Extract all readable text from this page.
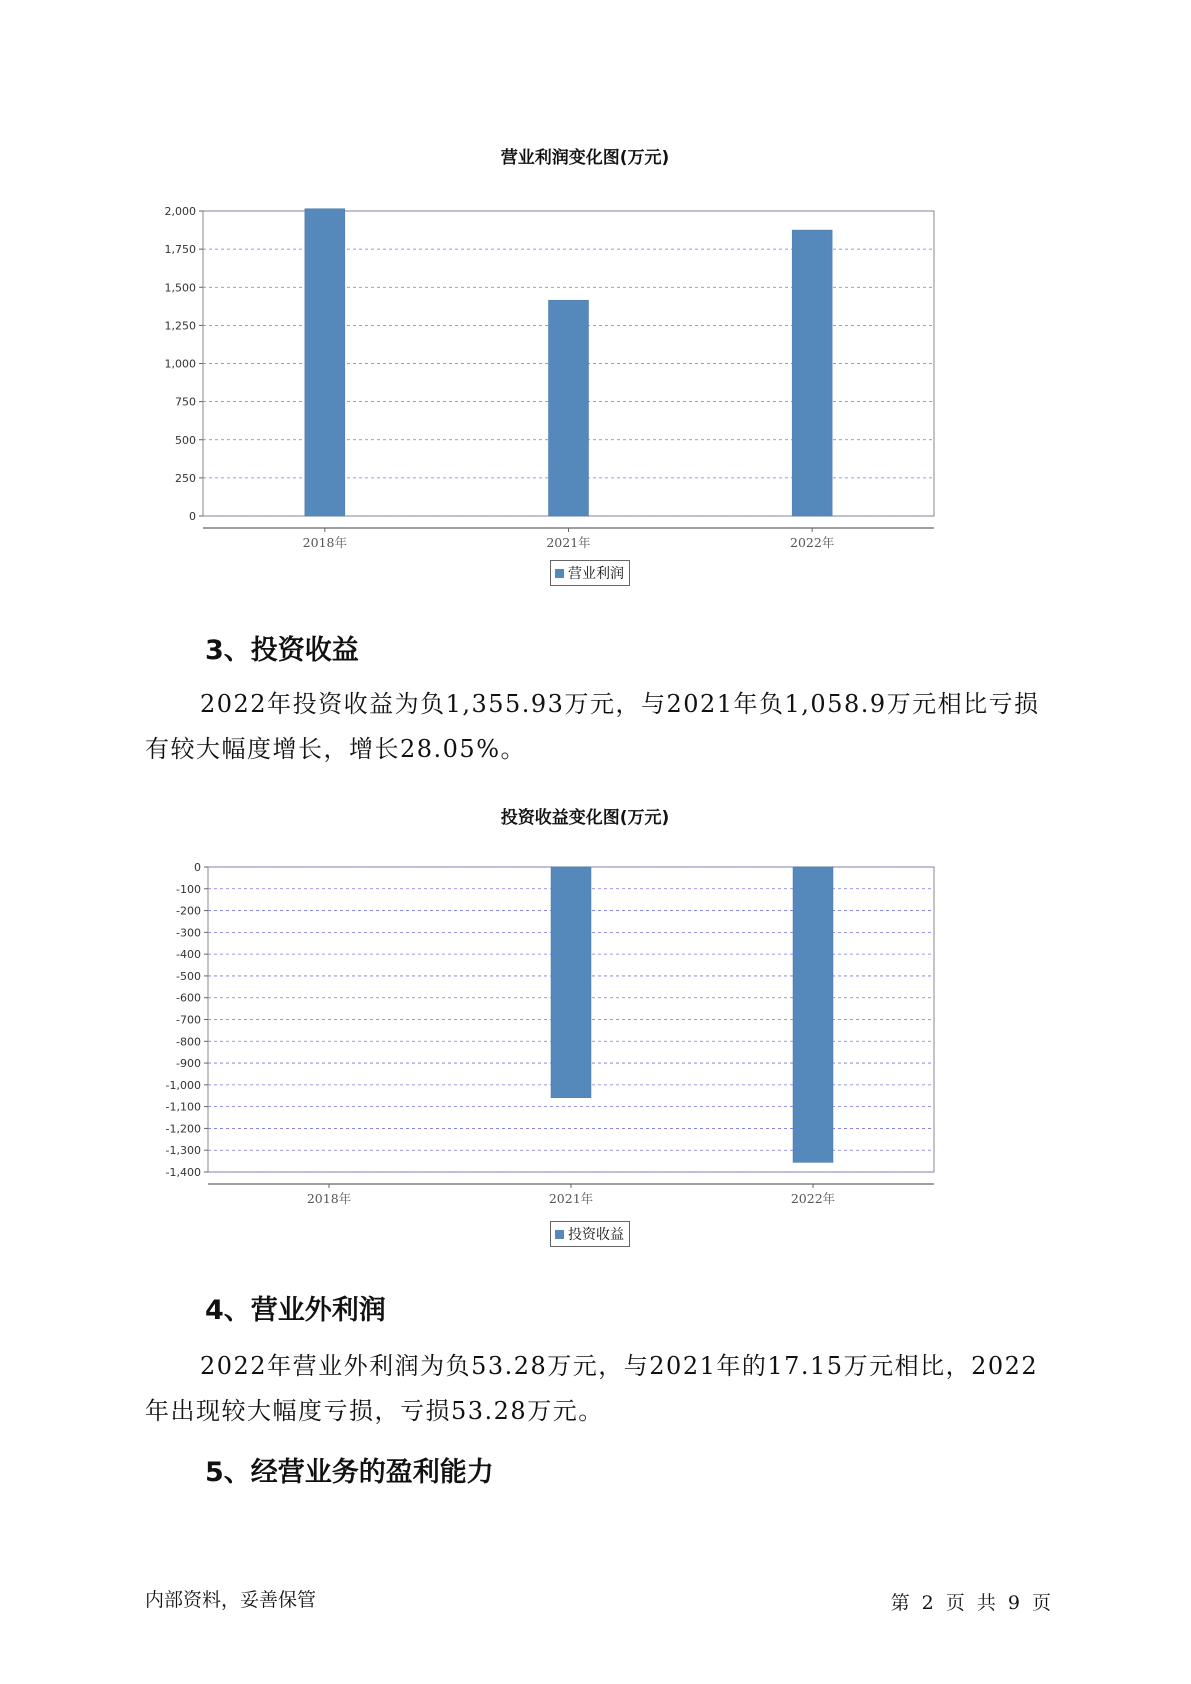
营业利润变化图(万元)

0
250
500
750
1,000
1,250
1,500
1,750
2,000
2018年	2021年	2022年
营业利润

3、投资收益

2022年投资收益为负1,355.93万元，与2021年负1,058.9万元相比亏损
有较大幅度增长，增长28.05%。

投资收益变化图(万元)

0
-100
-200
-300
-400
-500
-600
-700
-800
-900
-1,000
-1,100
-1,200
-1,300
-1,400
2018年	2021年	2022年
投资收益

4、营业外利润

2022年营业外利润为负53.28万元，与2021年的17.15万元相比，2022
年出现较大幅度亏损，亏损53.28万元。

5、经营业务的盈利能力

内部资料，妥善保管	第 2 页 共 9 页
